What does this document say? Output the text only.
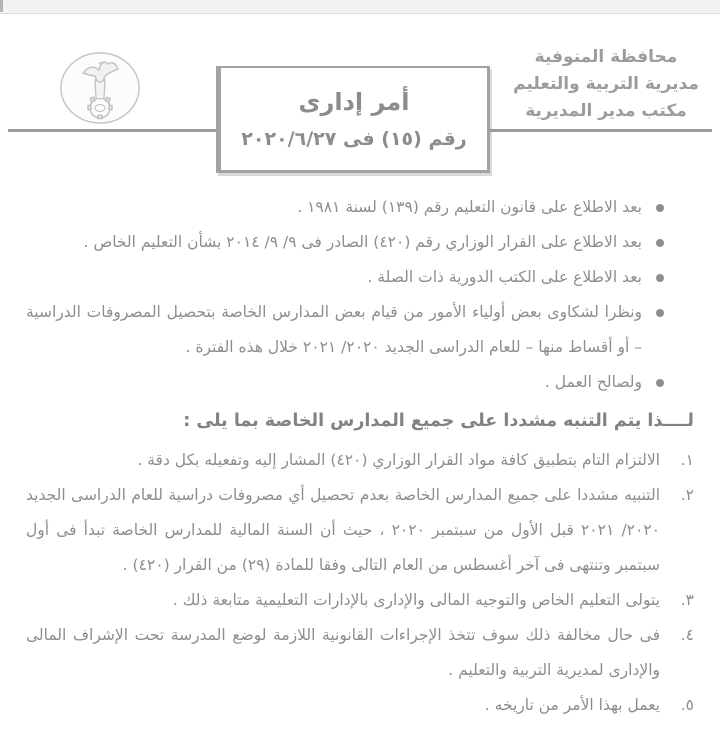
محافظة المنوفية
مديرية التربية والتعليم
مكتب مدير المديرية
أمر إدارى
رقم (١٥) فى ٢٠٢٠/٦/٢٧

بعد الاطلاع على قانون التعليم رقم (١٣٩) لسنة ١٩٨١ .

بعد الاطلاع على القرار الوزاري رقم (٤٢٠) الصادر فى ٩/ ٩/ ٢٠١٤ بشأن التعليم الخاص .

بعد الاطلاع على الكتب الدورية ذات الصلة .

ونظرا لشكاوى بعض أولياء الأمور من قيام بعض المدارس الخاصة بتحصيل المصروفات الدراسية – أو أقساط منها – للعام الدراسى الجديد ٢٠٢٠/ ٢٠٢١ خلال هذه الفترة .

ولصالح العمل .

لــــذا يتم التنبه مشددا على جميع المدارس الخاصة بما يلى :
١.

الالتزام التام بتطبيق كافة مواد القرار الوزاري (٤٢٠) المشار إليه وتفعيله بكل دقة .

٢.

التنبيه مشددا على جميع المدارس الخاصة بعدم تحصيل أي مصروفات دراسية للعام الدراسى الجديد ٢٠٢٠/ ٢٠٢١ قبل الأول من سبتمبر ٢٠٢٠ ، حيث أن السنة المالية للمدارس الخاصة تبدأ فى أول سبتمبر وتنتهى فى آخر أغسطس من العام التالى وفقا للمادة (٢٩) من القرار (٤٢٠) .

٣.

يتولى التعليم الخاص والتوجيه المالى والإدارى بالإدارات التعليمية متابعة ذلك .

٤.

فى حال مخالفة ذلك سوف تتخذ الإجراءات القانونية اللازمة لوضع المدرسة تحت الإشراف المالى والإدارى لمديرية التربية والتعليم .

٥.

يعمل بهذا الأمر من تاريخه .
